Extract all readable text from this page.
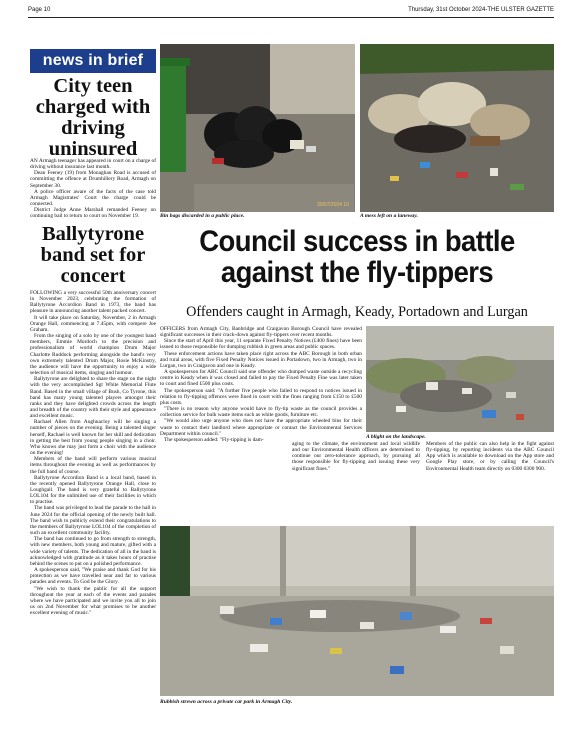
Page 10	Thursday, 31st October 2024-THE ULSTER GAZETTE
news in brief
City teen charged with driving uninsured

AN Armagh teenager has appeared in court on a charge of driving without insurance last month.

Dean Feeney (19) from Monaghan Road is accused of committing the offence at Drumhillery Road, Armagh on September 30.

A police officer aware of the facts of the case told Armagh Magistrates' Court the charge could be connected.

District Judge Anne Marshall remanded Feeney on continuing bail to return to court on November 19.

Ballytyrone band set for concert

FOLLOWING a very successful 50th anniversary concert in November 2023, celebrating the formation of Ballytyrone Accordion Band in 1973, the band has pleasure in announcing another talent packed concert.

It will take place on Saturday, November, 2 in Armagh Orange Hall, commencing at 7.45pm, with compere Joe Graham.

From the singing of a solo by one of the youngest band members, Emmie Murdoch to the precision and professionalism of world champion Drum Major Charlotte Ruddock performing alongside the band's very own extremely talented Drum Major, Rosie McKinstry, the audience will have the opportunity to enjoy a wide selection of musical items, singing and humour.

Ballytyrone are delighted to share the stage on the night with the very accomplished Sgt White Memorial Flute Band. Based in the small village of Bush, Co Tyrone, this band has many young talented players amongst their ranks and they have delighted crowds across the length and breadth of the country with their style and appearance and excellent music.

Rachael Allen from Aughnacloy will be singing a number of pieces on the evening. Being a talented singer herself, Rachael is well known for her skill and dedication in getting the best from young people singing in a choir. Who knows she may just form a choir with the audience on the evening!

Members of the band will perform various musical items throughout the evening as well as performances by the full band of course.

Ballytyrone Accordion Band is a local band, based in the recently opened Ballytyrone Orange Hall, close to Loughgall. The band is very grateful to Ballytyrone LOL104 for the unlimited use of their facilities in which to practise.

The band was privileged to lead the parade to the hall in June 2024 for the official opening of the newly built hall. The band wish to publicly extend their congratulations to the members of Ballytyrone LOL104 of the completion of such an excellent community facility.

The band has continued to go from strength to strength, with new members, both young and mature, gifted with a wide variety of talents. The dedication of all in the band is acknowledged with gratitude as it takes hours of practise behind the scenes to put on a polished performance.

A spokesperson said, "We praise and thank God for his protection as we have travelled near and far to various parades and events. To God be the Glory.

"We wish to thank the public for all the support throughout the year at each of the events and parades where we have participated and we invite you all to join us on 2nd November for what promises to be another excellent evening of music."

30/07/2024 10
Bin bags discarded in a public place.	A mess left on a laneway.
Council success in battle against the fly-tippers
Offenders caught in Armagh, Keady, Portadown and Lurgan

OFFICERS from Armagh City, Banbridge and Craigavon Borough Council have revealed significant successes in their crack-down against fly-tippers over recent months.

Since the start of April this year, 11 separate Fixed Penalty Notices (£400 fines) have been issued to those responsible for dumping rubbish in green areas and public spaces.

These enforcement actions have taken place right across the ABC Borough in both urban and rural areas, with five Fixed Penalty Notices issued in Portadown, two in Armagh, two in Lurgan, two in Craigavon and one in Keady.

A spokesperson for ABC Council said one offender who dumped waste outside a recycling centre in Keady when it was closed and failed to pay the Fixed Penalty Fine was later taken to court and fined £500 plus costs.

The spokesperson said: "A further five people who failed to respond to notices issued in relation to fly-tipping offences were fined in court with the fines ranging from £150 to £500 plus costs.

"There is no reason why anyone would have to fly-tip waste as the council provides a collection service for bulk waste items such as white goods, furniture etc.

"We would also urge anyone who does not have the appropriate wheeled bins for their waste to contact their landlord where appropriate or contact the Environmental Services Department within council."

The spokesperson added: "Fly-tipping is dam-	A blight on the landscape.

aging to the climate, the environment and local wildlife and our Environmental Health officers are determined to continue our zero-tolerance approach, by pursuing all those responsible for fly-tipping and issuing these very significant fines."

Members of the public can also help in the fight against fly-tipping, by reporting incidents via the ABC Council App which is available to download on the App store and Google Play store, or by calling the Council's Environmental Health team directly on 0300 0300 900.

Rubbish strewn across a private car park in Armagh City.
